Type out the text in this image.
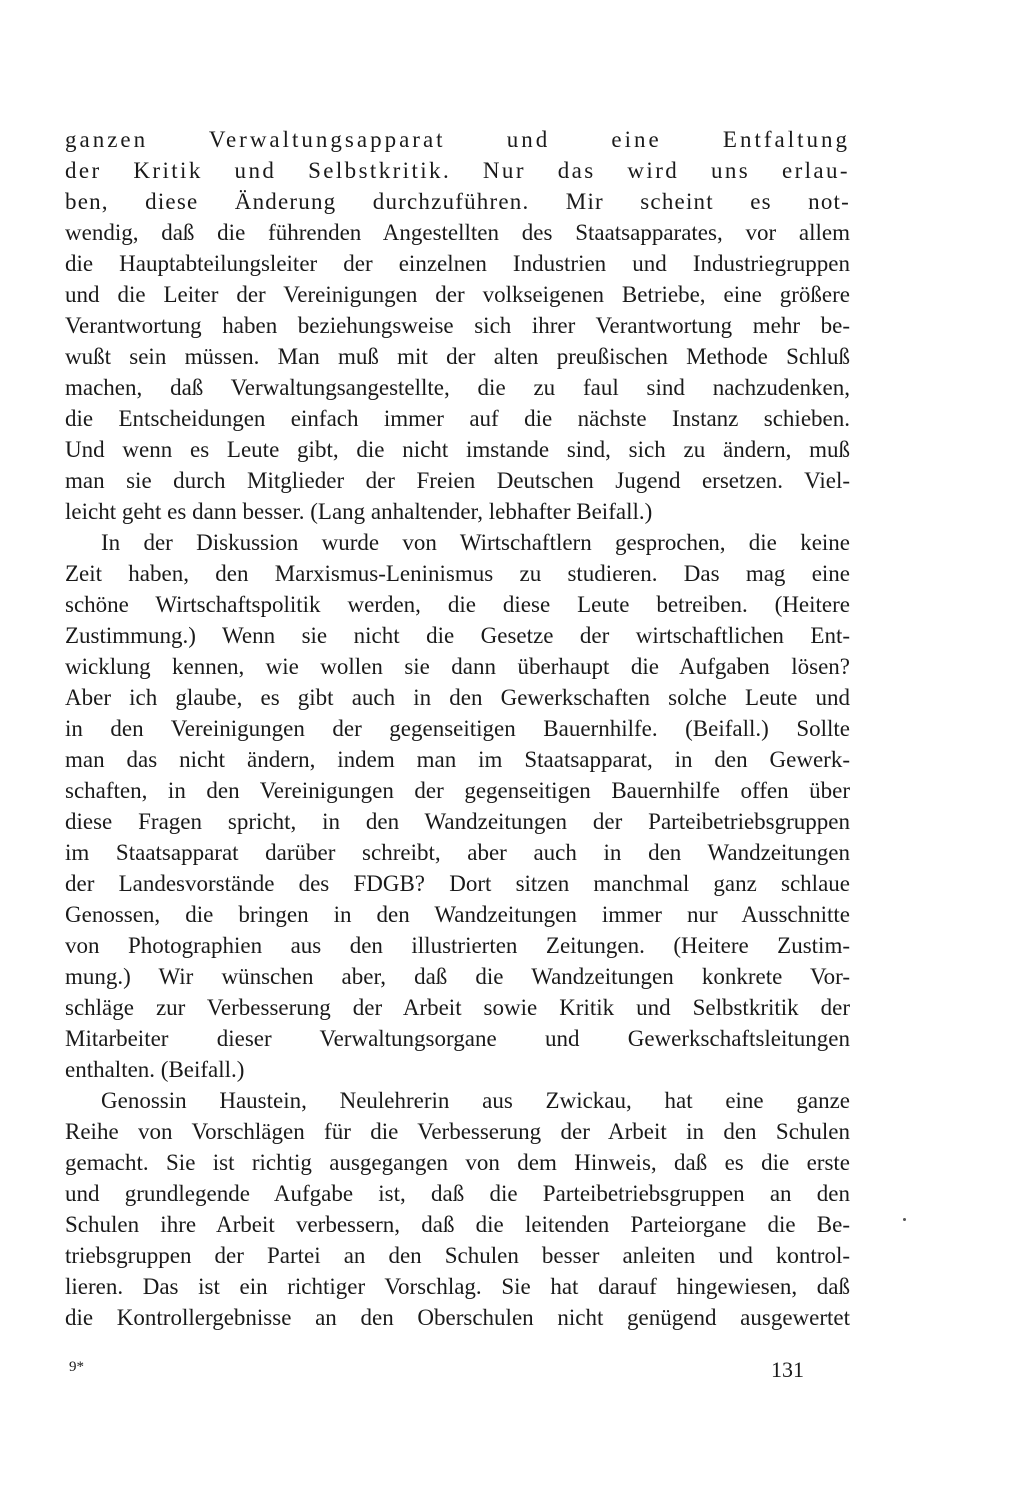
ganzen Verwaltungsapparat und eine Entfaltung
der Kritik und Selbstkritik. Nur das wird uns erlau-
ben, diese Änderung durchzuführen. Mir scheint es not-
wendig, daß die führenden Angestellten des Staatsapparates, vor allem
die Hauptabteilungsleiter der einzelnen Industrien und Industriegruppen
und die Leiter der Vereinigungen der volkseigenen Betriebe, eine größere
Verantwortung haben beziehungsweise sich ihrer Verantwortung mehr be-
wußt sein müssen. Man muß mit der alten preußischen Methode Schluß
machen, daß Verwaltungsangestellte, die zu faul sind nachzudenken,
die Entscheidungen einfach immer auf die nächste Instanz schieben.
Und wenn es Leute gibt, die nicht imstande sind, sich zu ändern, muß
man sie durch Mitglieder der Freien Deutschen Jugend ersetzen. Viel-
leicht geht es dann besser. (Lang anhaltender, lebhafter Beifall.)
In der Diskussion wurde von Wirtschaftlern gesprochen, die keine
Zeit haben, den Marxismus-Leninismus zu studieren. Das mag eine
schöne Wirtschaftspolitik werden, die diese Leute betreiben. (Heitere
Zustimmung.) Wenn sie nicht die Gesetze der wirtschaftlichen Ent-
wicklung kennen, wie wollen sie dann überhaupt die Aufgaben lösen?
Aber ich glaube, es gibt auch in den Gewerkschaften solche Leute und
in den Vereinigungen der gegenseitigen Bauernhilfe. (Beifall.) Sollte
man das nicht ändern, indem man im Staatsapparat, in den Gewerk-
schaften, in den Vereinigungen der gegenseitigen Bauernhilfe offen über
diese Fragen spricht, in den Wandzeitungen der Parteibetriebsgruppen
im Staatsapparat darüber schreibt, aber auch in den Wandzeitungen
der Landesvorstände des FDGB? Dort sitzen manchmal ganz schlaue
Genossen, die bringen in den Wandzeitungen immer nur Ausschnitte
von Photographien aus den illustrierten Zeitungen. (Heitere Zustim-
mung.) Wir wünschen aber, daß die Wandzeitungen konkrete Vor-
schläge zur Verbesserung der Arbeit sowie Kritik und Selbstkritik der
Mitarbeiter dieser Verwaltungsorgane und Gewerkschaftsleitungen
enthalten. (Beifall.)
Genossin Haustein, Neulehrerin aus Zwickau, hat eine ganze
Reihe von Vorschlägen für die Verbesserung der Arbeit in den Schulen
gemacht. Sie ist richtig ausgegangen von dem Hinweis, daß es die erste
und grundlegende Aufgabe ist, daß die Parteibetriebsgruppen an den
Schulen ihre Arbeit verbessern, daß die leitenden Parteiorgane die Be-
triebsgruppen der Partei an den Schulen besser anleiten und kontrol-
lieren. Das ist ein richtiger Vorschlag. Sie hat darauf hingewiesen, daß
die Kontrollergebnisse an den Oberschulen nicht genügend ausgewertet
9*	131
